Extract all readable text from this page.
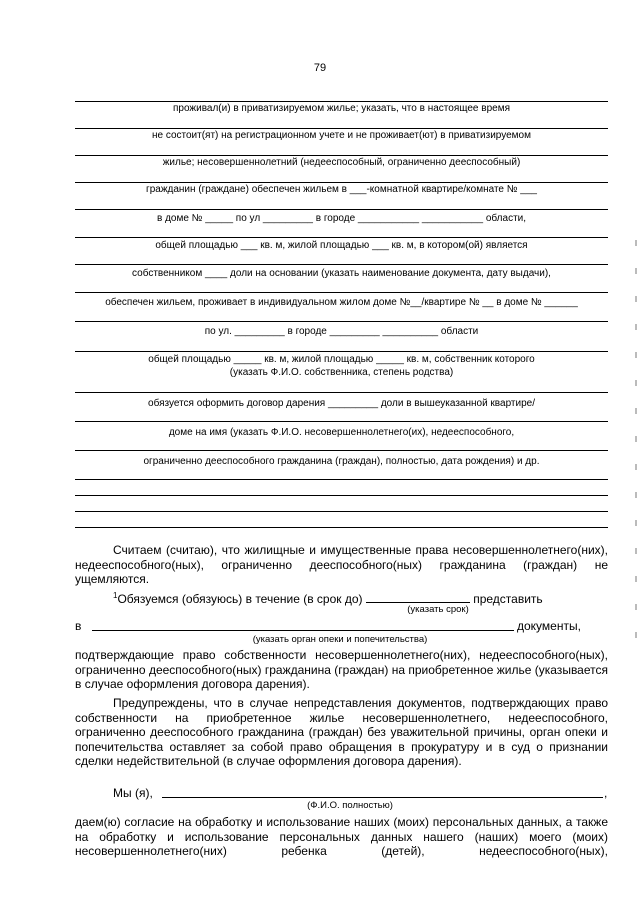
79
проживал(и) в приватизируемом жилье; указать, что в настоящее время
не состоит(ят) на регистрационном учете и не проживает(ют) в приватизируемом
жилье; несовершеннолетний (недееспособный, ограниченно дееспособный)
гражданин (граждане) обеспечен жильем в ___-комнатной квартире/комнате № ___
в доме № _____ по ул _________ в городе ___________ ___________ области,
общей площадью ___ кв. м, жилой площадью ___ кв. м, в котором(ой) является
собственником ____ доли на основании (указать наименование документа, дату выдачи),
обеспечен жильем, проживает в индивидуальном жилом доме №__/квартире № __ в доме № ______
по ул. _________ в городе _________ __________ области
общей площадью _____ кв. м, жилой площадью _____ кв. м, собственник которого
(указать Ф.И.О. собственника, степень родства)
обязуется оформить договор дарения _________ доли в вышеуказанной квартире/
доме на имя (указать Ф.И.О. несовершеннолетнего(их), недееспособного,
ограниченно дееспособного гражданина (граждан), полностью, дата рождения) и др.
Считаем (считаю), что жилищные и имущественные права несовершеннолетнего(них), недееспособного(ных), ограниченно дееспособного(ных) гражданина (граждан) не ущемляются.
$^1$Обязуемся (обязуюсь) в течение (в срок до)	представить
(указать срок)
в	документы,
(указать орган опеки и попечительства)
подтверждающие право собственности несовершеннолетнего(них), недееспособного(ных), ограниченно дееспособного(ных) гражданина (граждан) на приобретенное жилье (указывается в случае оформления договора дарения).
Предупреждены, что в случае непредставления документов, подтверждающих право собственности на приобретенное жилье несовершеннолетнего, недееспособного, ограниченно дееспособного гражданина (граждан) без уважительной причины, орган опеки и попечительства оставляет за собой право обращения в прокуратуру и в суд о признании сделки недействительной (в случае оформления договора дарения).
Мы (я),	,
(Ф.И.О. полностью)
даем(ю) согласие на обработку и использование наших (моих) персональных данных, а также на обработку и использование персональных данных нашего (наших) моего (моих) несовершеннолетнего(них) ребенка (детей), недееспособного(ных),
